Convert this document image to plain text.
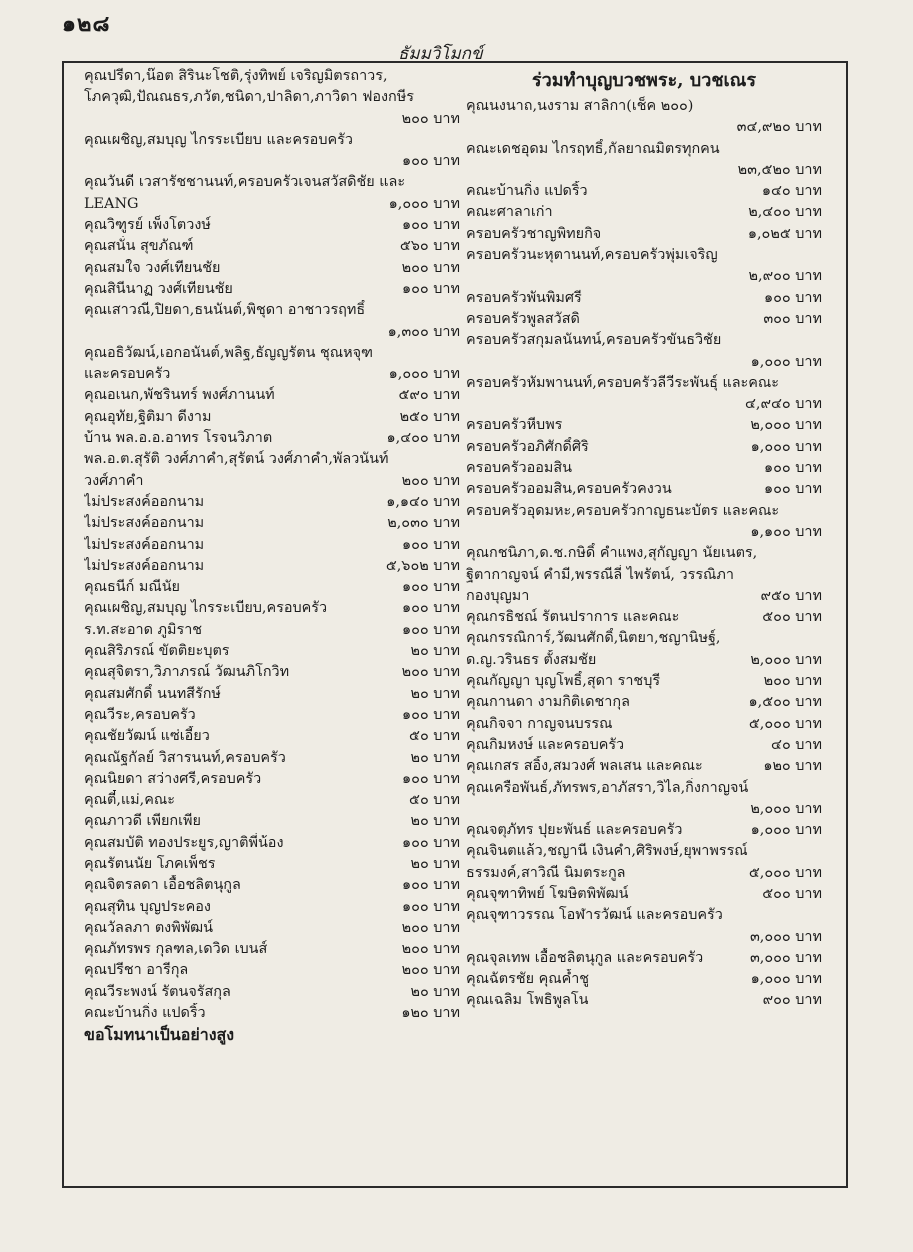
๑๒๘
ธัมมวิโมกข์
คุณปรีดา,น๊อต สิรินะโชติ,รุ่งทิพย์ เจริญมิตรถาวร,
โภควุฒิ,ปัณณธร,ภวัต,ชนิดา,ปาลิดา,ภาวิดา ฟองกษีร
๒๐๐ บาท
คุณเผชิญ,สมบุญ ไกรระเบียบ และครอบครัว
๑๐๐ บาท
คุณวันดี เวสารัชชานนท์,ครอบครัวเจนสวัสดิชัย และ
LEANG	๑,๐๐๐ บาท
คุณวิฑูรย์ เพ็งโตวงษ์	๑๐๐ บาท
คุณสนั่น สุขภัณฑ์	๕๖๐ บาท
คุณสมใจ วงศ์เทียนชัย	๒๐๐ บาท
คุณสินีนาฏ วงศ์เทียนชัย	๑๐๐ บาท
คุณเสาวณี,ปิยดา,ธนนันต์,พิชุดา อาชาวรฤทธิ์
๑,๓๐๐ บาท
คุณอธิวัฒน์,เอกอนันต์,พลิฐ,ธัญญรัตน ชุณหจุฑ
และครอบครัว	๑,๐๐๐ บาท
คุณอเนก,พัชรินทร์ พงศ์ภานนท์	๕๙๐ บาท
คุณอุทัย,ฐิติมา ดีงาม	๒๕๐ บาท
บ้าน พล.อ.อ.อาทร โรจนวิภาต	๑,๔๐๐ บาท
พล.อ.ต.สุรัติ วงศ์ภาคำ,สุรัตน์ วงศ์ภาคำ,พัลวนันท์
วงศ์ภาคำ	๒๐๐ บาท
ไม่ประสงค์ออกนาม	๑,๑๔๐ บาท
ไม่ประสงค์ออกนาม	๒,๐๓๐ บาท
ไม่ประสงค์ออกนาม	๑๐๐ บาท
ไม่ประสงค์ออกนาม	๕,๖๐๒ บาท
คุณธนีก์ มณีนัย	๑๐๐ บาท
คุณเผชิญ,สมบุญ ไกรระเบียบ,ครอบครัว	๑๐๐ บาท
ร.ท.สะอาด ภูมิราช	๑๐๐ บาท
คุณสิริภรณ์ ขัตติยะบุตร	๒๐ บาท
คุณสุจิตรา,วิภาภรณ์ วัฒนภิโกวิท	๒๐๐ บาท
คุณสมศักดิ์ นนทสีรักษ์	๒๐ บาท
คุณวีระ,ครอบครัว	๑๐๐ บาท
คุณชัยวัฒน์ แซ่เอี้ยว	๕๐ บาท
คุณณัฐกัลย์ วิสารนนท์,ครอบครัว	๒๐ บาท
คุณนิยดา สว่างศรี,ครอบครัว	๑๐๐ บาท
คุณตี๋,แม่,คณะ	๕๐ บาท
คุณภาวดี เพียกเพีย	๒๐ บาท
คุณสมบัติ ทองประยูร,ญาติพี่น้อง	๑๐๐ บาท
คุณรัตนนัย โภคเพ็ชร	๒๐ บาท
คุณจิตรลดา เอื้อชลิตนุกูล	๑๐๐ บาท
คุณสุทิน บุญประคอง	๑๐๐ บาท
คุณวัลลภา ตงพิพัฒน์	๒๐๐ บาท
คุณภัทรพร กุลฑล,เดวิด เบนส์	๒๐๐ บาท
คุณปรีชา อารีกุล	๒๐๐ บาท
คุณวีระพงน์ รัตนจรัสกุล	๒๐ บาท
คณะบ้านกิ่ง แปดริ้ว	๑๒๐ บาท
ขอโมทนาเป็นอย่างสูง
ร่วมทำบุญบวชพระ, บวชเณร
คุณนงนาถ,นงราม สาลิกา(เช็ค ๒๐๐)
๓๔,๙๒๐ บาท
คณะเดชอุดม ไกรฤทธิ์,กัลยาณมิตรทุกคน
๒๓,๕๒๐ บาท
คณะบ้านกิ่ง แปดริ้ว	๑๔๐ บาท
คณะศาลาเก่า	๒,๔๐๐ บาท
ครอบครัวชาญพิทยกิจ	๑,๐๒๕ บาท
ครอบครัวนะหุตานนท์,ครอบครัวพุ่มเจริญ
๒,๙๐๐ บาท
ครอบครัวพันพิมศรี	๑๐๐ บาท
ครอบครัวพูลสวัสดิ	๓๐๐ บาท
ครอบครัวสกุมลนันทน์,ครอบครัวขันธวิชัย
๑,๐๐๐ บาท
ครอบครัวหัมพานนท์,ครอบครัวลีวีระพันธุ์ และคณะ
๔,๙๔๐ บาท
ครอบครัวหีบพร	๒,๐๐๐ บาท
ครอบครัวอภิศักดิ์ศิริ	๑,๐๐๐ บาท
ครอบครัวออมสิน	๑๐๐ บาท
ครอบครัวออมสิน,ครอบครัวคงวน	๑๐๐ บาท
ครอบครัวอุดมหะ,ครอบครัวกาญธนะบัตร และคณะ
๑,๑๐๐ บาท
คุณกชนิภา,ด.ช.กษิดิ์ คำแพง,สุกัญญา นัยเนตร,
ฐิตากาญจน์ คำมี,พรรณีลี่ ไพรัตน์, วรรณิภา
กองบุญมา	๙๕๐ บาท
คุณกรธิชณ์ รัตนปราการ และคณะ	๕๐๐ บาท
คุณกรรณิการ์,วัฒนศักดิ์,นิตยา,ชญานิษฐ์,
ด.ญ.วรินธร ตั้งสมชัย	๒,๐๐๐ บาท
คุณกัญญา บุญโพธิ์,สุดา ราชบุรี	๒๐๐ บาท
คุณกานดา งามกิติเดชากุล	๑,๕๐๐ บาท
คุณกิจจา กาญจนบรรณ	๕,๐๐๐ บาท
คุณกิมหงษ์ และครอบครัว	๔๐ บาท
คุณเกสร สอิ้ง,สมวงศ์ พลเสน และคณะ	๑๒๐ บาท
คุณเครือพันธ์,ภัทรพร,อาภัสรา,วิไล,กิ่งกาญจน์
๒,๐๐๐ บาท
คุณจตุภัทร ปุยะพันธ์ และครอบครัว	๑,๐๐๐ บาท
คุณจินตแล้ว,ชญานี เงินคำ,ศิริพงษ์,ยุพาพรรณ์
ธรรมงค์,สาวิณี นิมตระกูล	๕,๐๐๐ บาท
คุณจุฑาทิพย์ โฆษิตพิพัฒน์	๕๐๐ บาท
คุณจุฑาวรรณ โอฬารวัฒน์ และครอบครัว
๓,๐๐๐ บาท
คุณจุลเทพ เอื้อชลิตนุกูล และครอบครัว	๓,๐๐๐ บาท
คุณฉัตรชัย คุณค้ำชู	๑,๐๐๐ บาท
คุณเฉลิม โพธิพูลโน	๙๐๐ บาท
